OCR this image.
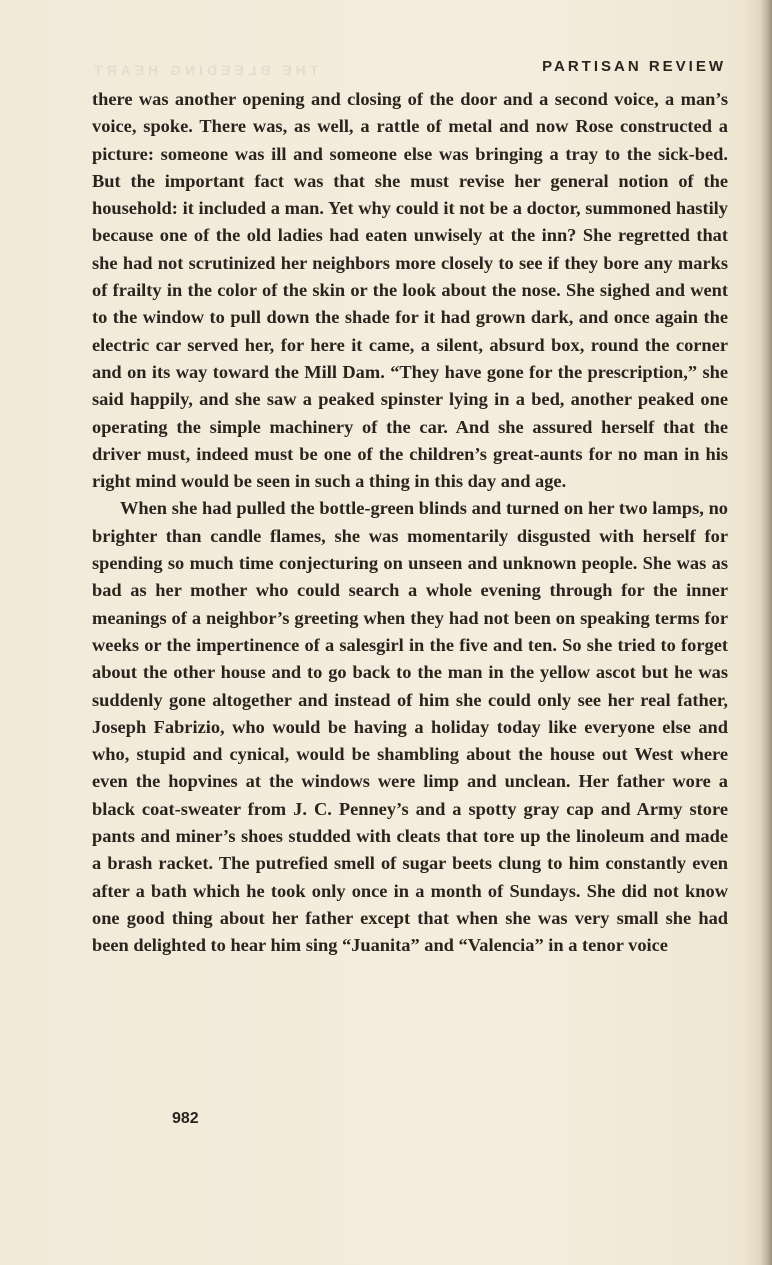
THE BLEEDING HEART	PARTISAN REVIEW

there was another opening and closing of the door and a second voice, a man’s voice, spoke. There was, as well, a rattle of metal and now Rose constructed a picture: someone was ill and someone else was bringing a tray to the sick-bed. But the important fact was that she must revise her general notion of the household: it included a man. Yet why could it not be a doctor, summoned hastily because one of the old ladies had eaten unwisely at the inn? She regretted that she had not scrutinized her neighbors more closely to see if they bore any marks of frailty in the color of the skin or the look about the nose. She sighed and went to the window to pull down the shade for it had grown dark, and once again the electric car served her, for here it came, a silent, absurd box, round the corner and on its way toward the Mill Dam. “They have gone for the prescription,” she said happily, and she saw a peaked spinster lying in a bed, another peaked one operating the simple machinery of the car. And she assured herself that the driver must, indeed must be one of the children’s great-aunts for no man in his right mind would be seen in such a thing in this day and age.

When she had pulled the bottle-green blinds and turned on her two lamps, no brighter than candle flames, she was momentarily disgusted with herself for spending so much time conjecturing on unseen and unknown people. She was as bad as her mother who could search a whole evening through for the inner meanings of a neighbor’s greeting when they had not been on speaking terms for weeks or the impertinence of a salesgirl in the five and ten. So she tried to forget about the other house and to go back to the man in the yellow ascot but he was suddenly gone altogether and instead of him she could only see her real father, Joseph Fabrizio, who would be having a holiday today like everyone else and who, stupid and cynical, would be shambling about the house out West where even the hopvines at the windows were limp and unclean. Her father wore a black coat-sweater from J. C. Penney’s and a spotty gray cap and Army store pants and miner’s shoes studded with cleats that tore up the linoleum and made a brash racket. The putrefied smell of sugar beets clung to him constantly even after a bath which he took only once in a month of Sundays. She did not know one good thing about her father except that when she was very small she had been delighted to hear him sing “Juanita” and “Valencia” in a tenor voice

982
